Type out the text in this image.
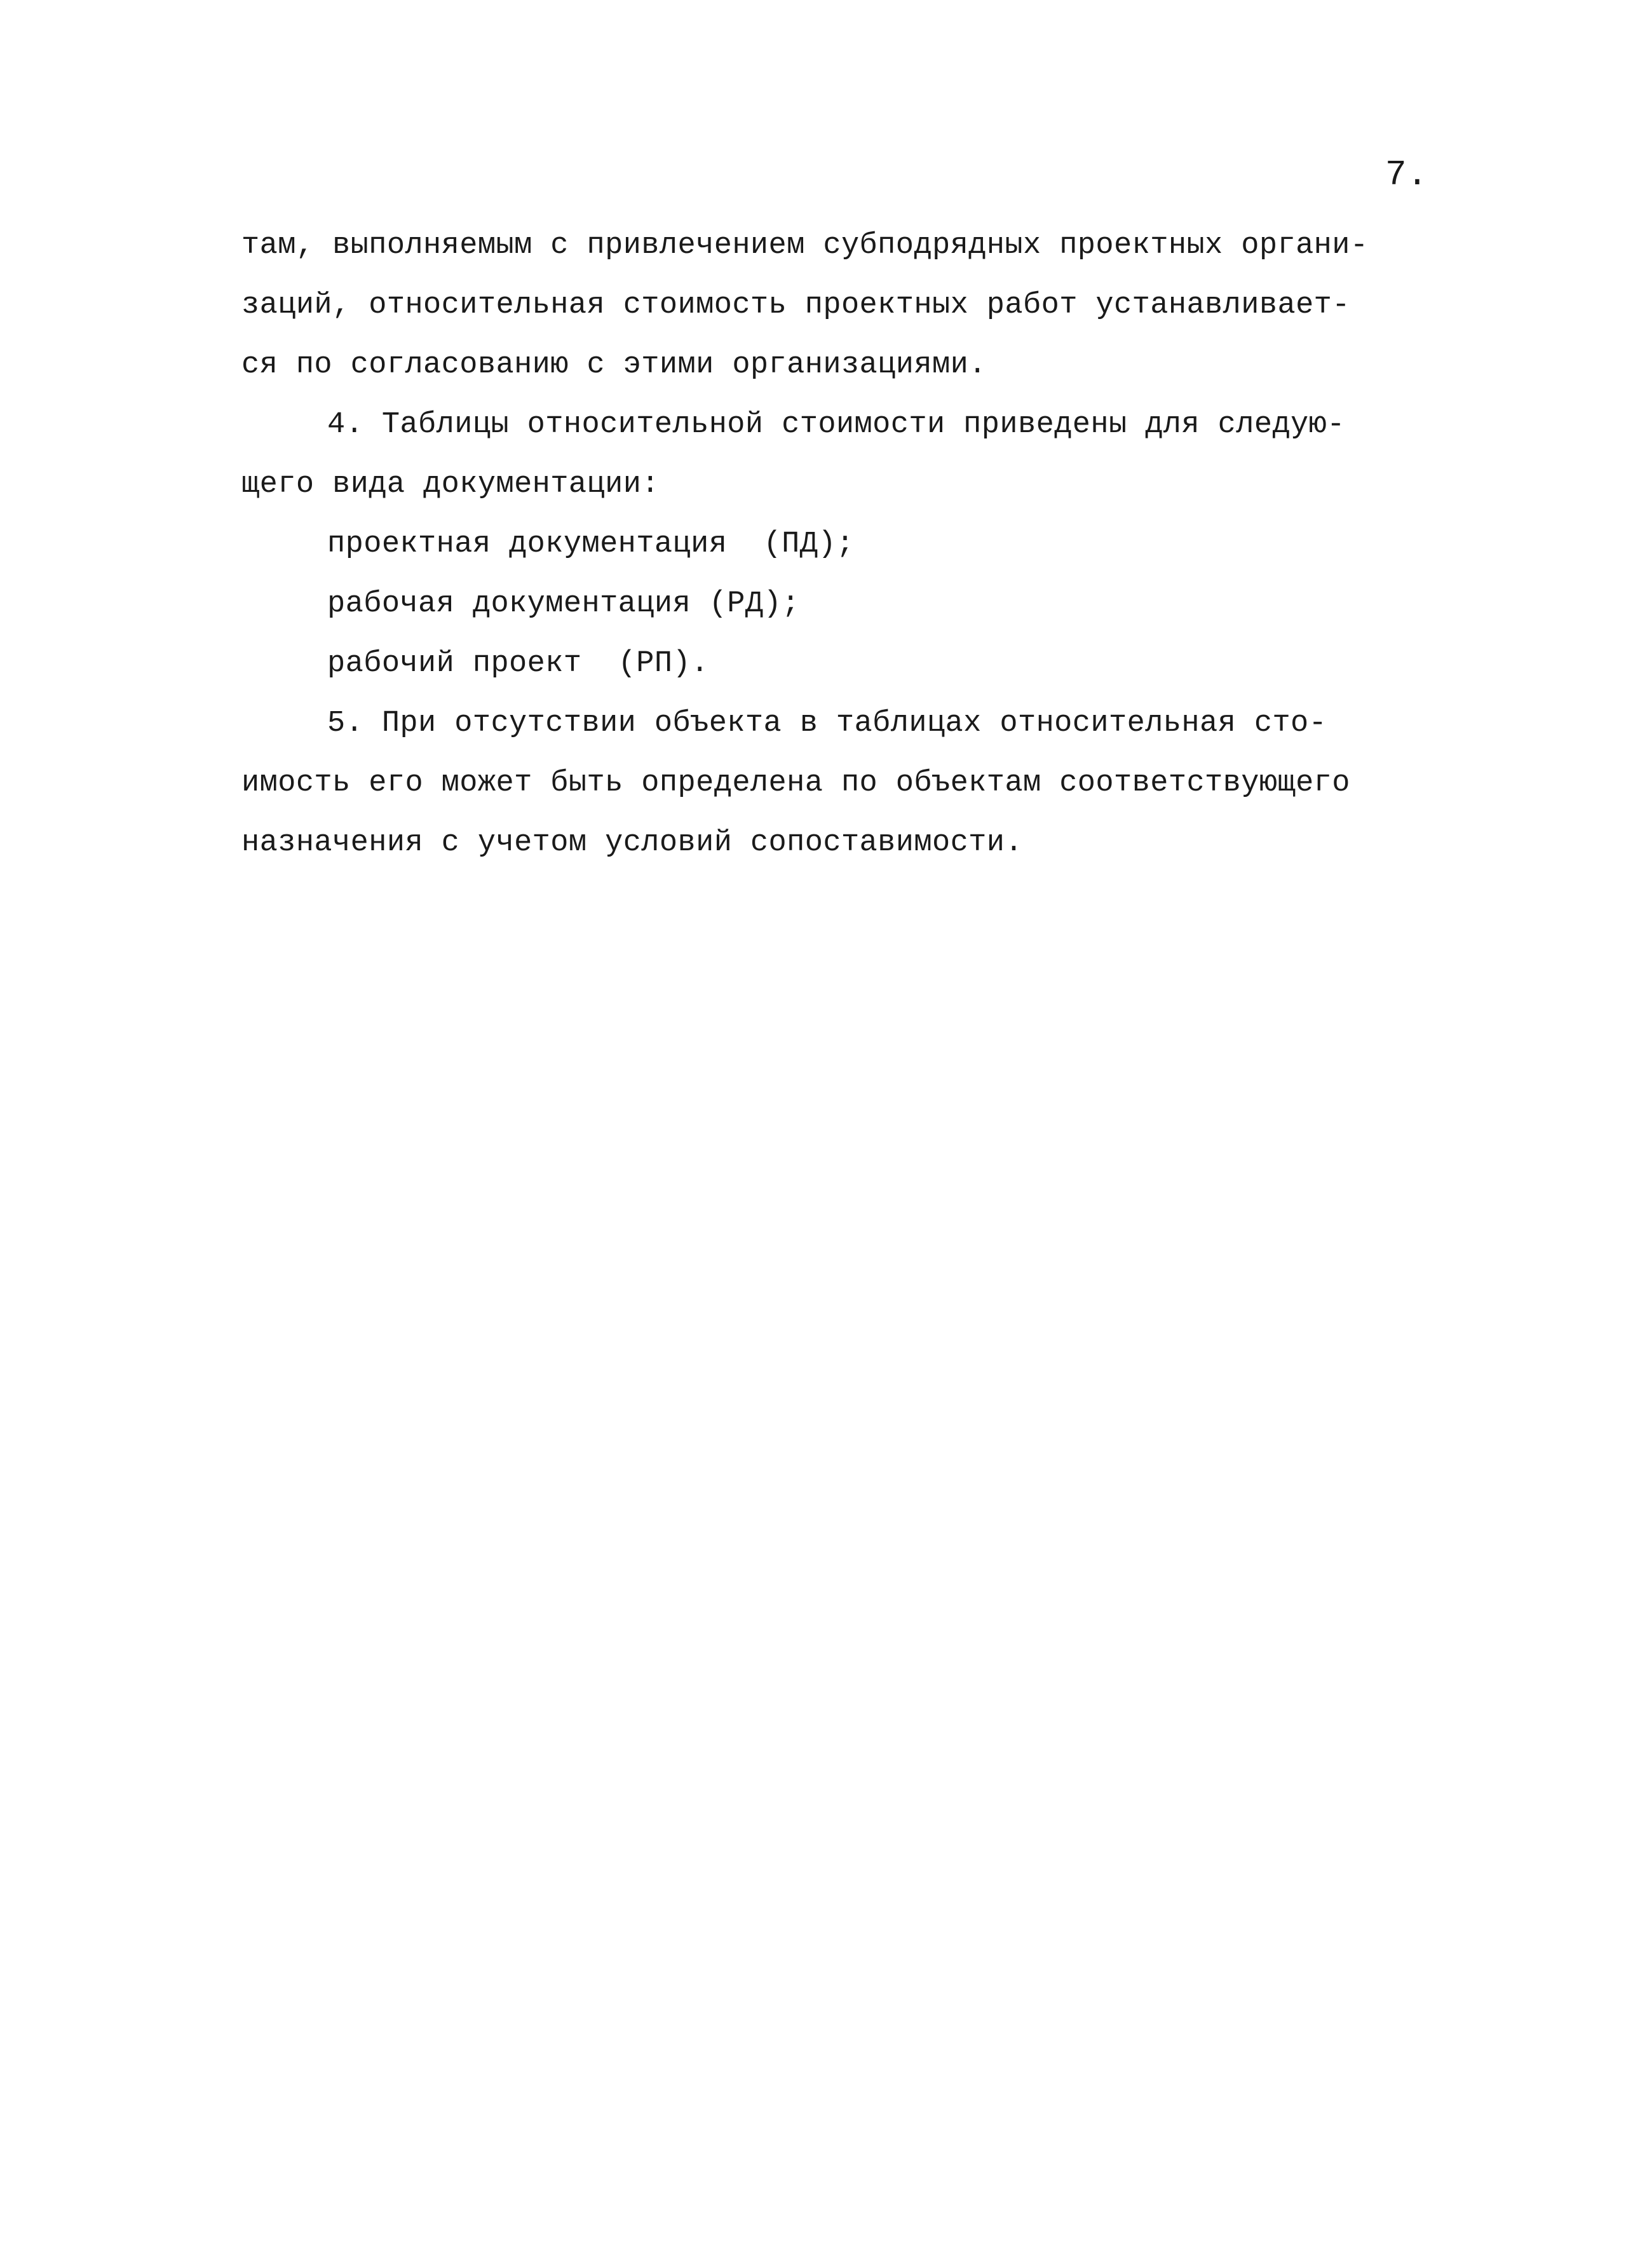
7.
там, выполняемым с привлечением субподрядных проектных органи-
заций, относительная стоимость проектных работ устанавливает-
ся по согласованию с этими организациями.
4. Таблицы относительной стоимости приведены для следую-
щего вида документации:
проектная документация  (ПД);
рабочая документация (РД);
рабочий проект  (РП).
5. При отсутствии объекта в таблицах относительная сто-
имость его может быть определена по объектам соответствующего
назначения с учетом условий сопоставимости.
